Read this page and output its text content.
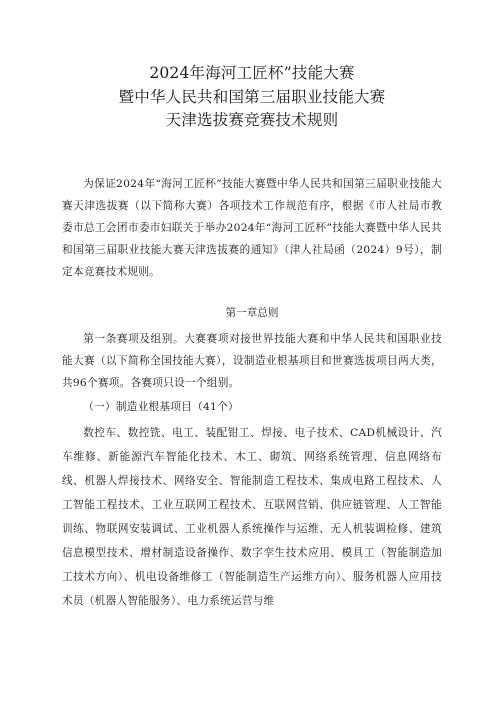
2024年海河工匠杯”技能大赛
暨中华人民共和国第三届职业技能大赛
天津选拔赛竞赛技术规则

为保证2024年“海河工匠杯”技能大赛暨中华人民共和国第三届职业技能大赛天津选拔赛（以下简称大赛）各项技术工作规范有序，根据《市人社局市教委市总工会团市委市妇联关于举办2024年“海河工匠杯”技能大赛暨中华人民共和国第三届职业技能大赛天津选拔赛的通知》（津人社局函（2024）9号），制定本竞赛技术规则。

第一章总则

第一条赛项及组别。大赛赛项对接世界技能大赛和中华人民共和国职业技能大赛（以下简称全国技能大赛），设制造业根基项目和世赛选拔项目两大类，共96个赛项。各赛项只设一个组别。

（一）制造业根基项目（41个）

数控车、数控铣、电工、装配钳工、焊接、电子技术、CAD机械设计、汽车维修、新能源汽车智能化技术、木工、砌筑、网络系统管理、信息网络布线、机器人焊接技术、网络安全、智能制造工程技术、集成电路工程技术、人工智能工程技术、工业互联网工程技术、互联网营销、供应链管理、人工智能训练、物联网安装调试、工业机器人系统操作与运维、无人机装调检修、建筑信息模型技术、增材制造设备操作、数字孪生技术应用、模具工（智能制造加工技术方向）、机电设备维修工（智能制造生产运维方向）、服务机器人应用技术员（机器人智能服务）、电力系统运营与维
